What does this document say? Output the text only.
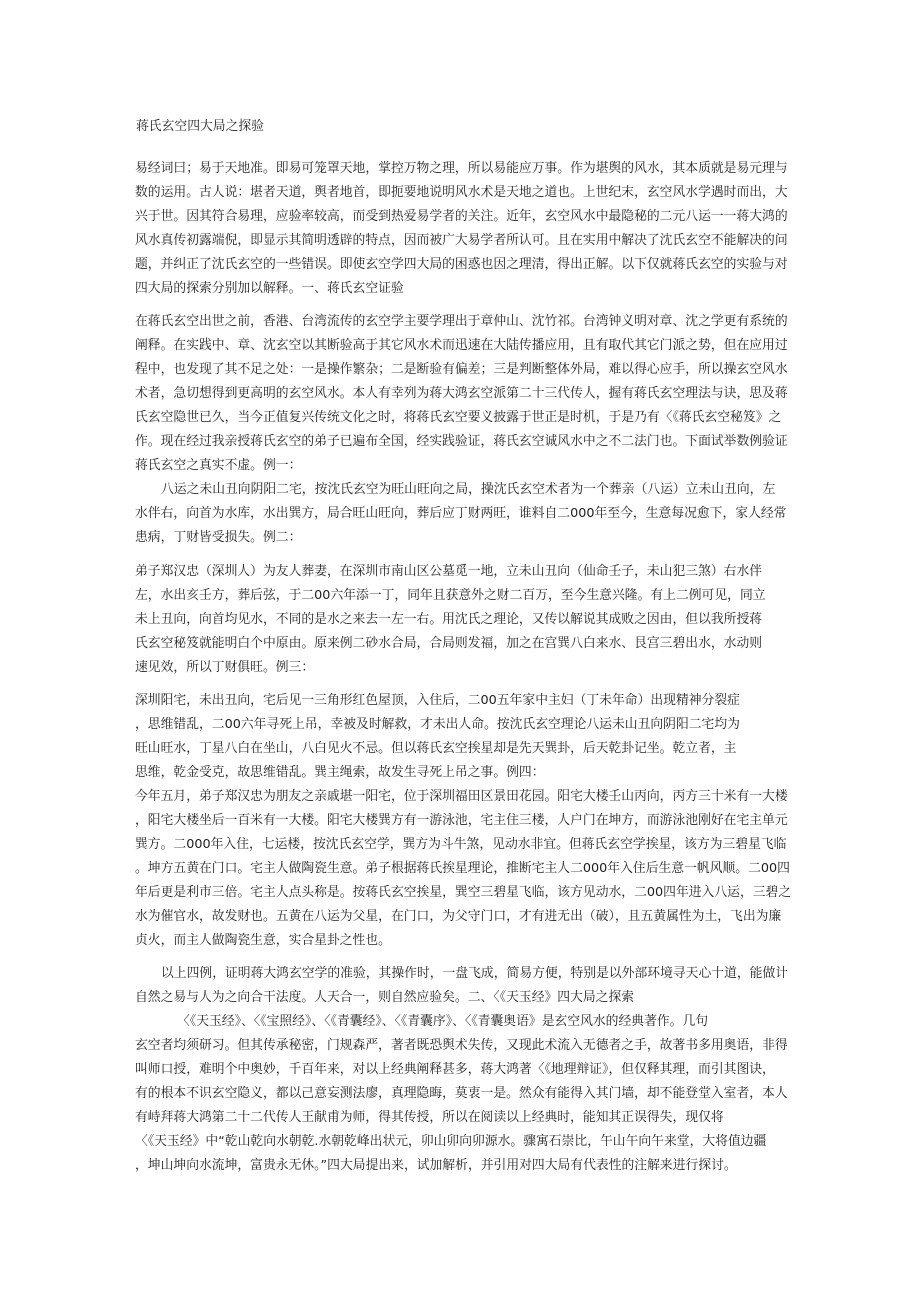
蒋氏玄空四大局之探验
易经词曰；易于天地准。即易可笼罩天地，掌控万物之理，所以易能应万事。作为堪舆的风水，其本质就是易元理与
数的运用。古人说：堪者天道，舆者地首，即扼要地说明风水术是天地之道也。上世纪末，玄空风水学遇时而出，大
兴于世。因其符合易理，应验率较高，而受到热爱易学者的关注。近年，玄空风水中最隐秘的二元八运一一蒋大鸿的
风水真传初露端倪，即显示其简明透辟的特点，因而被广大易学者所认可。且在实用中解决了沈氏玄空不能解决的问
题，并纠正了沈氏玄空的一些错误。即使玄空学四大局的困惑也因之理清，得出正解。以下仅就蒋氏玄空的实验与对
四大局的探索分别加以解释。一、蒋氏玄空证验
在蒋氏玄空出世之前，香港、台湾流传的玄空学主要学理出于章仲山、沈竹祁。台湾钟义明对章、沈之学更有系统的
阐释。在实践中、章、沈玄空以其断验高于其它风水术而迅速在大陆传播应用，且有取代其它门派之势，但在应用过
程中，也发现了其不足之处：一是操作繁杂；二是断验有偏差；三是判断整体外局，难以得心应手，所以操玄空风水
术者，急切想得到更高明的玄空风水。本人有幸列为蒋大鸿玄空派第二十三代传人，握有蒋氏玄空理法与诀，思及蒋
氏玄空隐世已久，当今正值复兴传统文化之时，将蒋氏玄空要义披露于世正是时机，于是乃有〈《蒋氏玄空秘笈》之
作。现在经过我亲授蒋氏玄空的弟子已遍布全国，经实践验证，蒋氏玄空诚风水中之不二法门也。下面试举数例验证
蒋氏玄空之真实不虚。例一：
八运之未山丑向阴阳二宅，按沈氏玄空为旺山旺向之局，操沈氏玄空术者为一个葬亲（八运）立未山丑向，左
水伴右，向首为水库，水出巽方，局合旺山旺向，葬后应丁财两旺，谁料自二000年至今，生意每况愈下，家人经常
患病，丁财皆受损失。例二：
弟子郑汉忠（深圳人）为友人葬妻，在深圳市南山区公墓觅一地，立未山丑向（仙命壬子，未山犯三煞）右水伴
左，水出亥壬方，葬后弦，于二00六年添一丁，同年且获意外之财二百万，至今生意兴隆。有上二例可见，同立
未上丑向，向首均见水，不同的是水之来去一左一右。用沈氏之理论，又传以解说其成败之因由，但以我所授蒋
氏玄空秘笈就能明白个中原由。原来例二砂水合局，合局则发福，加之在宫巽八白来水、艮宫三碧出水，水动则
速见效，所以丁财俱旺。例三：
深圳阳宅，未出丑向，宅后见一三角形红色屋顶，入住后，二00五年家中主妇（丁未年命）出现精神分裂症
，思维错乱，二00六年寻死上吊，幸被及时解救，才未出人命。按沈氏玄空理论八运未山丑向阴阳二宅均为
旺山旺水，丁星八白在坐山，八白见火不忌。但以蒋氏玄空挨星却是先天巽卦，后天乾卦记坐。乾立者，主
思维，乾金受克，故思维错乱。巽主绳索，故发生寻死上吊之事。例四：
今年五月，弟子郑汉忠为朋友之亲戚堪一阳宅，位于深圳福田区景田花园。阳宅大楼壬山丙向，丙方三十米有一大楼
，阳宅大楼坐后一百米有一大楼。阳宅大楼巽方有一游泳池，宅主住三楼，人户门在坤方，而游泳池刚好在宅主单元
巽方。二000年入住，七运楼，按沈氏玄空学，巽方为斗牛煞，见动水非宜。但蒋氏玄空学挨星，该方为三碧星飞临
。坤方五黄在门口。宅主人做陶瓷生意。弟子根据蒋氏挨星理论，推断宅主人二000年入住后生意一帆风顺。二00四
年后更是利市三倍。宅主人点头称是。按蒋氏玄空挨星，巽空三碧星飞临，该方见动水，二00四年进入八运，三碧之
水为催官水，故发财也。五黄在八运为父星，在门口，为父守门口，才有进无出（破），且五黄属性为土，飞出为廉
贞火，而主人做陶瓷生意，实合星卦之性也。
以上四例，证明蒋大鸿玄空学的准验，其操作时，一盘飞成，简易方便，特别是以外部环境寻天心十道，能做计
自然之易与人为之向合干法度。人天合一，则自然应验矣。二、〈《天玉经》四大局之探索
〈《天玉经》、〈《宝照经》、〈《青囊经》、〈《青囊序》、〈《青囊奥语》是玄空风水的经典著作。几句
玄空者均须研习。但其传承秘密，门规森严，著者既恐舆术失传，又现此术流入无德者之手，故著书多用奥语，非得
叫师口授，难明个中奥妙，千百年来，对以上经典阐释甚多，蒋大鸿著〈《地理辩证》，但仅释其理，而引其图诀，
有的根本不识玄空隐义，都以己意妄测法廖，真理隐晦，莫衷一是。然众有能得入其门墙，却不能登堂入室者，本人
有峙拜蒋大鸿第二十二代传人王献甫为师，得其传授，所以在阅读以上经典时，能知其正误得失，现仅将
〈《天玉经》中“乾山乾向水朝乾.水朝乾峰出状元，卯山卯向卯源水。骤寓石崇比，午山午向午来堂，大将值边疆
，坤山坤向水流坤，富贵永无休。”四大局提出来，试加解析，并引用对四大局有代表性的注解来进行探讨。
